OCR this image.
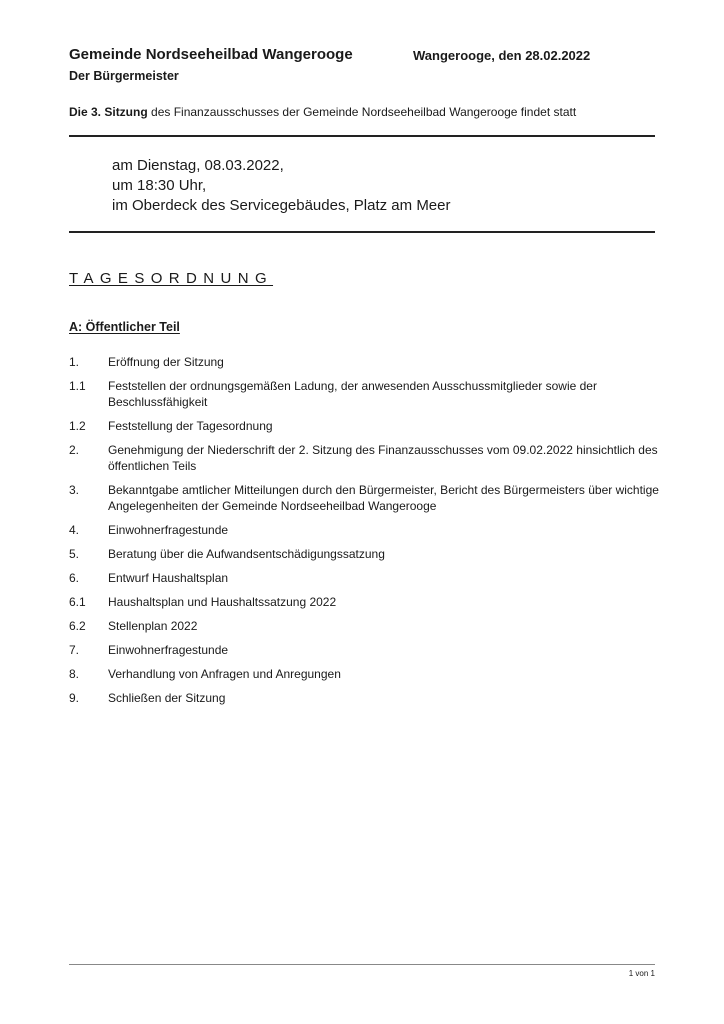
Gemeinde Nordseeheilbad Wangerooge
Der Bürgermeister
Wangerooge, den 28.02.2022
Die 3. Sitzung des Finanzausschusses der Gemeinde Nordseeheilbad Wangerooge findet statt
am Dienstag, 08.03.2022,
um 18:30 Uhr,
im Oberdeck des Servicegebäudes, Platz am Meer
TAGESORDNUNG
A: Öffentlicher Teil
1.	Eröffnung der Sitzung
1.1	Feststellen der ordnungsgemäßen Ladung, der anwesenden Ausschussmitglieder sowie der Beschlussfähigkeit
1.2	Feststellung der Tagesordnung
2.	Genehmigung der Niederschrift der 2. Sitzung des Finanzausschusses vom 09.02.2022 hinsichtlich des öffentlichen Teils
3.	Bekanntgabe amtlicher Mitteilungen durch den Bürgermeister, Bericht des Bürgermeisters über wichtige Angelegenheiten der Gemeinde Nordseeheilbad Wangerooge
4.	Einwohnerfragestunde
5.	Beratung über die Aufwandsentschädigungssatzung
6.	Entwurf Haushaltsplan
6.1	Haushaltsplan und Haushaltssatzung 2022
6.2	Stellenplan 2022
7.	Einwohnerfragestunde
8.	Verhandlung von Anfragen und Anregungen
9.	Schließen der Sitzung
1 von 1
